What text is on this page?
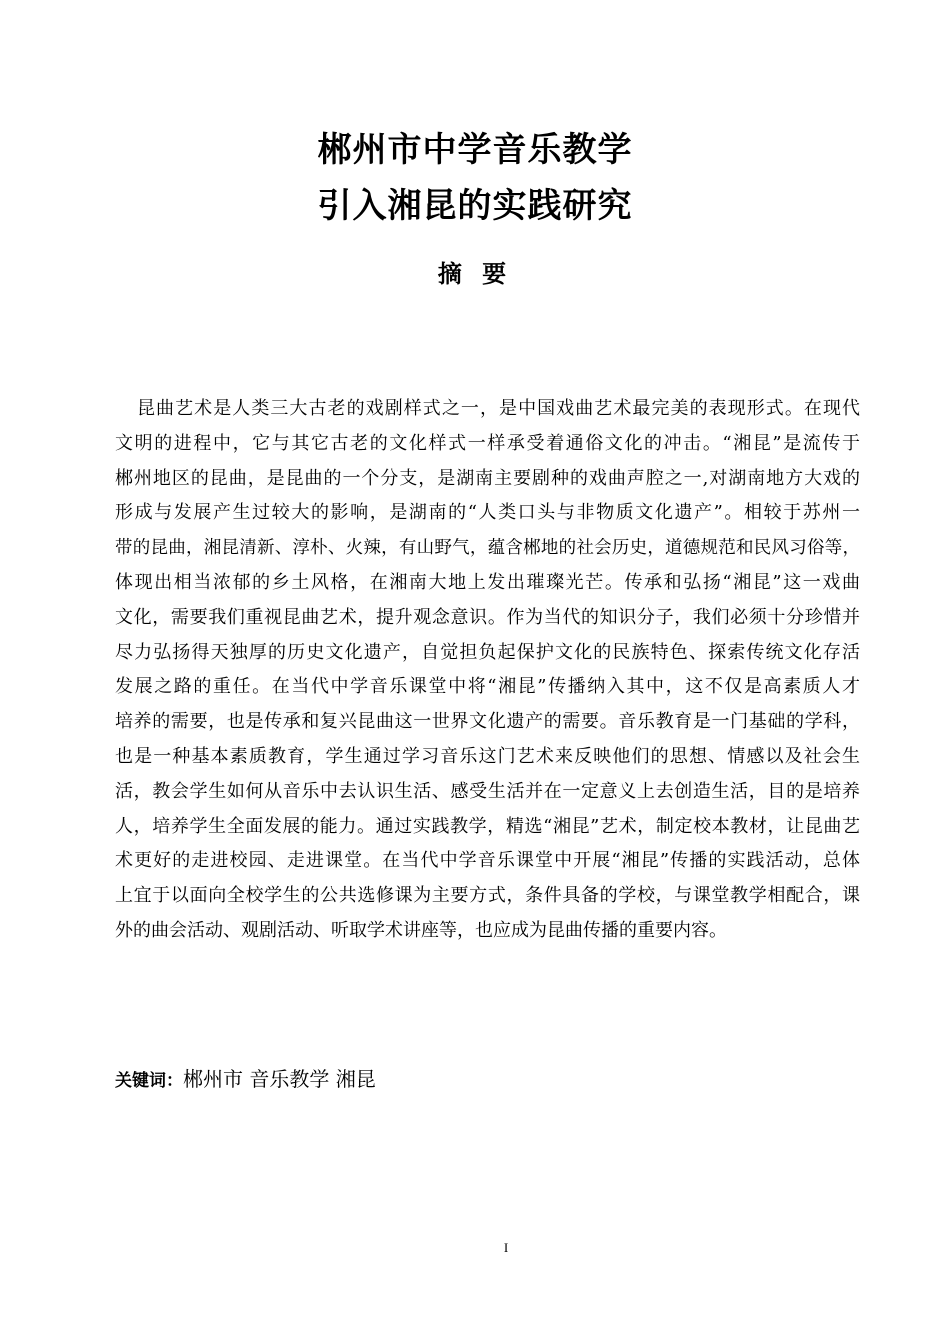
郴州市中学音乐教学
引入湘昆的实践研究
摘 要
昆曲艺术是人类三大古老的戏剧样式之一，是中国戏曲艺术最完美的表现形式。在现代
文明的进程中，它与其它古老的文化样式一样承受着通俗文化的冲击。“湘昆”是流传于
郴州地区的昆曲，是昆曲的一个分支，是湖南主要剧种的戏曲声腔之一,对湖南地方大戏的
形成与发展产生过较大的影响，是湖南的“人类口头与非物质文化遗产”。相较于苏州一
带的昆曲，湘昆清新、淳朴、火辣，有山野气，蕴含郴地的社会历史，道德规范和民风习俗等，
体现出相当浓郁的乡土风格，在湘南大地上发出璀璨光芒。传承和弘扬“湘昆”这一戏曲
文化，需要我们重视昆曲艺术，提升观念意识。作为当代的知识分子，我们必须十分珍惜并
尽力弘扬得天独厚的历史文化遗产，自觉担负起保护文化的民族特色、探索传统文化存活
发展之路的重任。在当代中学音乐课堂中将“湘昆”传播纳入其中，这不仅是高素质人才
培养的需要，也是传承和复兴昆曲这一世界文化遗产的需要。音乐教育是一门基础的学科，
也是一种基本素质教育，学生通过学习音乐这门艺术来反映他们的思想、情感以及社会生
活，教会学生如何从音乐中去认识生活、感受生活并在一定意义上去创造生活，目的是培养
人，培养学生全面发展的能力。通过实践教学，精选“湘昆”艺术，制定校本教材，让昆曲艺
术更好的走进校园、走进课堂。在当代中学音乐课堂中开展“湘昆”传播的实践活动，总体
上宜于以面向全校学生的公共选修课为主要方式，条件具备的学校，与课堂教学相配合，课
外的曲会活动、观剧活动、听取学术讲座等，也应成为昆曲传播的重要内容。
关键词：郴州市 音乐教学 湘昆
I
